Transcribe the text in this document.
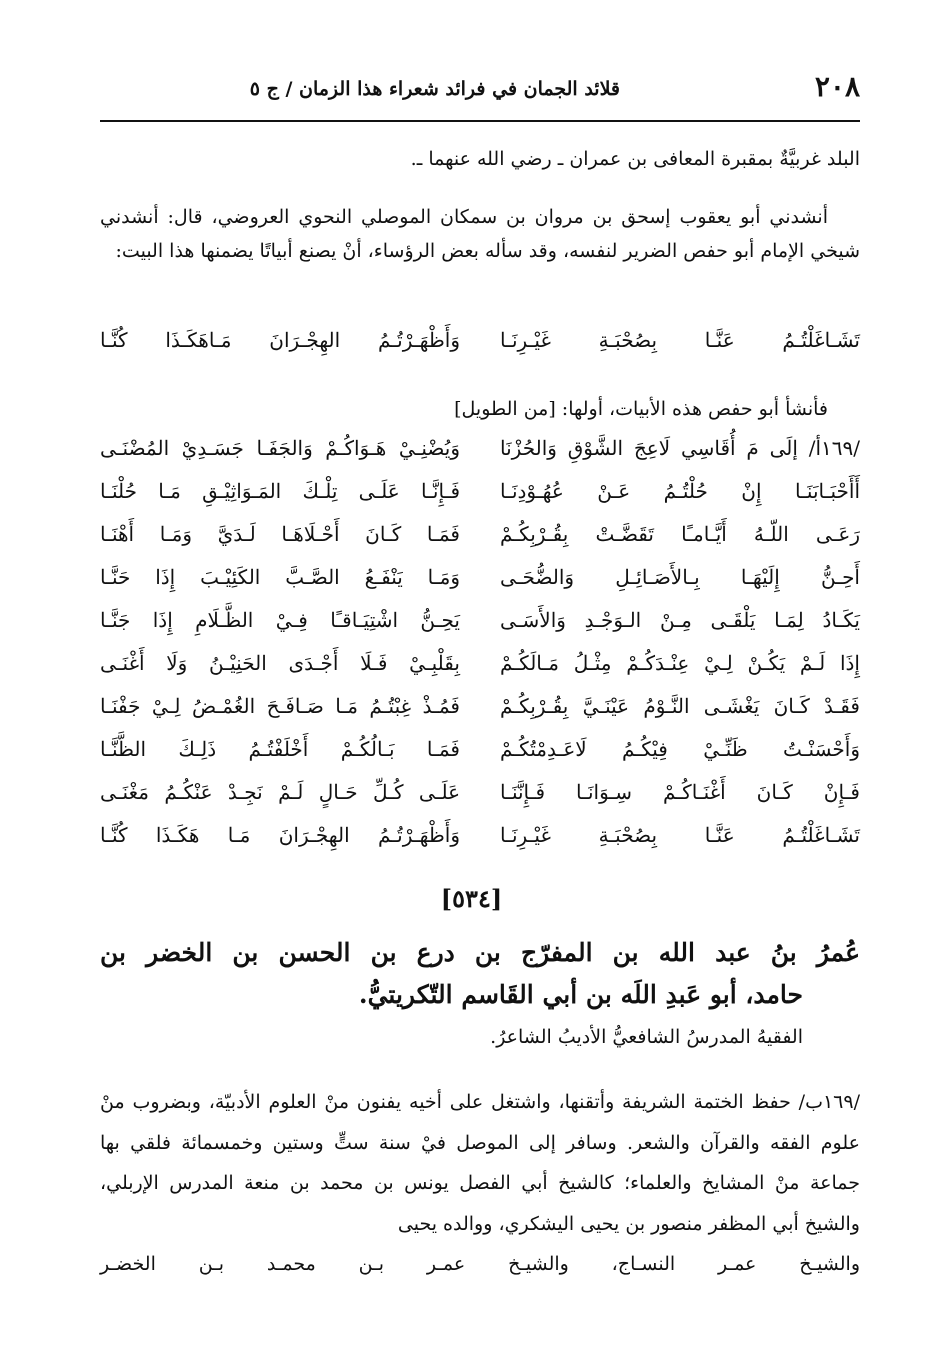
٢٠٨
قلائد الجمان في فرائد شعراء هذا الزمان / ج ٥
البلد غربيَّةٌ بمقبرة المعافى بن عمران ـ رضي الله عنهما ـ.
أنشدني أبو يعقوب إسحق بن مروان بن سمكان الموصلي النحوي العروضي، قال: أنشدني شيخي الإمام أبو حفص الضرير لنفسه، وقد سأله بعض الرؤساء، أنْ يصنع أبياتًا يضمنها هذا البيت:
تَشَـاغَلْتُـمُ عَنَّـا بِصُحْبَـةِ غَيْـرِنَـا
وَأَظْهَـرْتُـمُ الهِجْـرَانَ مَـاهَكَـذَا كُنَّـا
فأنشأ أبو حفص هذه الأبيات، أولها: [من الطويل]
/١٦٩أ/ إلَى مَ أُقَاسِي لَاعِجَ الشَّوْقِ وَالحُزْنَا
وَيُضْنِـيْ هَـوَاكُـمْ وَالجَفَـا جَسَـدِيْ المُضْنَـى
أَأَحْبَـابَنَـا إِنْ حُلْتُـمُ عَـنْ عُهُـوْدِنَـا
فَـإِنَّـا عَلَـى تِلْـكَ المَـوَاثِيْـقِ مَـا حُلْنَـا
رَعَـى اللّـهُ أَيَّـامـًا تَقَضَّـتْ بِقُـرْبِكُـمْ
فَمَـا كَـانَ أَحْـلَاهَـا لَـدَيَّ وَمَـا أَهْنَـا
أَحِـنُّ إِلَيْهَـا بِـالأَصَـائِـلِ وَالضُّحَـى
وَمَـا يَنْفَـعُ الصَّـبَّ الكَئِيْـبَ إِذَا حَنَّـا
يَكَـادُ لِمَـا يَلْقَـى مِـنْ الـوَجْـدِ وَالأَسَـى
يَحِـنُّ اشْتِيَـاقـًا فِـيْ الظَّـلَامِ إِذَا جَنَّـا
إِذَا لَـمْ يَكُـنْ لِـيْ عِنْـدَكُـمْ مِثْـلُ مَـالَكُـمْ
بِقَلْبِـيْ فَـلَا أَجْـدَى الحَنِيْـنُ وَلَا أَغْنَـى
فَقَـدْ كَـانَ يَغْشَـى النَّـوْمُ عَيْنَـيَّ بِقُـرْبِكُـمْ
فَمُـذْ غِبْتُـمُ مَـا صَـافَـحَ الغُمْـضُ لِـيْ جَفْنَـا
وَأَحْسَنْـتُ ظَنِّـيْ فِيْكُـمُ لَاعَـدِمْتُكُـمْ
فَمَـا بَـالُكُـمْ أَخْلَفْتُـمُ ذَلِـكَ الظَّنَّـا
فَـإِنْ كَـانَ أَغْنَـاكُـمْ سِـوَانَـا فَـإِنَّنَـا
عَلَـى كُـلِّ حَـالٍ لَـمْ نَجِـدْ عَنْكُـمُ مَغْنَـى
تَشَـاغَلْتُـمُ عَنَّـا بِصُحْبَـةِ غَيْـرِنَـا
وَأَظْهَـرْتُـمُ الهِجْـرَانَ مَـا هَكَـذَا كُنَّـا
[٥٣٤]
عُمرُ بنُ عبد الله بن المفرّج بن درع بن الحسن بن الخضر بن
حامد، أبو عَبدِ اللَه بن أبي القَاسم التّكريتيُّ.
الفقيهُ المدرسُ الشافعيُّ الأديبُ الشاعرُ.
/١٦٩ب/ حفظ الختمة الشريفة وأتقنها، واشتغل على أخيه يفنون منْ العلوم الأدبيّة، وبضروب منْ علوم الفقه والقرآن والشعر. وسافر إلى الموصل فيْ سنة ستٍّ وستين وخمسمائة فلقي بها جماعة منْ المشايخ والعلماء؛ كالشيخ أبي الفصل يونس بن محمد بن منعة المدرس الإربلي، والشيخ أبي المظفر منصور بن يحيى اليشكري، ووالده يحيى
والشيـخ عمـر النسـاج، والشيـخ عمـر بـن محمـد بـن الخضـر
